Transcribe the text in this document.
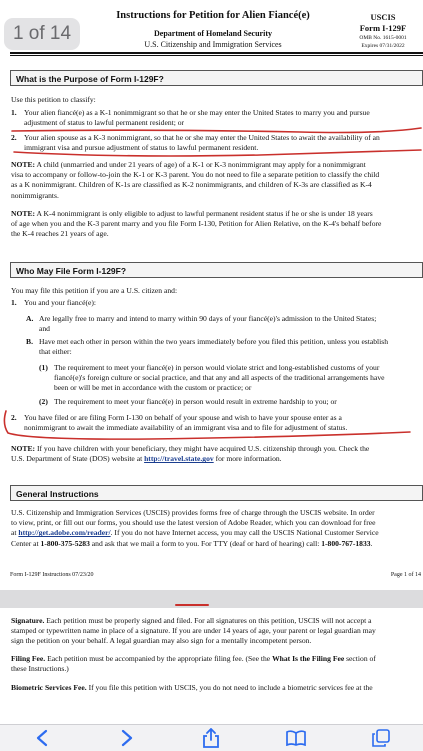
Instructions for Petition for Alien Fiancé(e)
Department of Homeland Security
U.S. Citizenship and Immigration Services
USCIS
Form I-129F
OMB No. 1615-0001
Expires 07/31/2022
What is the Purpose of Form I-129F?
Use this petition to classify:
1. Your alien fiancé(e) as a K-1 nonimmigrant so that he or she may enter the United States to marry you and pursue
adjustment of status to lawful permanent resident; or
2. Your alien spouse as a K-3 nonimmigrant, so that he or she may enter the United States to await the availability of an
immigrant visa and pursue adjustment of status to lawful permanent resident.
NOTE: A child (unmarried and under 21 years of age) of a K-1 or K-3 nonimmigrant may apply for a nonimmigrant
visa to accompany or follow-to-join the K-1 or K-3 parent. You do not need to file a separate petition to classify the child
as a K nonimmigrant. Children of K-1s are classified as K-2 nonimmigrants, and children of K-3s are classified as K-4
nonimmigrants.
NOTE: A K-4 nonimmigrant is only eligible to adjust to lawful permanent resident status if he or she is under 18 years
of age when you and the K-3 parent marry and you file Form I-130, Petition for Alien Relative, on the K-4's behalf before
the K-4 reaches 21 years of age.
Who May File Form I-129F?
You may file this petition if you are a U.S. citizen and:
1. You and your fiancé(e):
A. Are legally free to marry and intend to marry within 90 days of your fiancé(e)'s admission to the United States;
and
B. Have met each other in person within the two years immediately before you filed this petition, unless you establish
that either:
(1) The requirement to meet your fiancé(e) in person would violate strict and long-established customs of your
fiancé(e)'s foreign culture or social practice, and that any and all aspects of the traditional arrangements have
been or will be met in accordance with the custom or practice; or
(2) The requirement to meet your fiancé(e) in person would result in extreme hardship to you; or
2. You have filed or are filing Form I-130 on behalf of your spouse and wish to have your spouse enter as a
nonimmigrant to await the immediate availability of an immigrant visa and to file for adjustment of status.
NOTE: If you have children with your beneficiary, they might have acquired U.S. citizenship through you. Check the
U.S. Department of State (DOS) website at http://travel.state.gov for more information.
General Instructions
U.S. Citizenship and Immigration Services (USCIS) provides forms free of charge through the USCIS website. In order
to view, print, or fill out our forms, you should use the latest version of Adobe Reader, which you can download for free
at http://get.adobe.com/reader/. If you do not have Internet access, you may call the USCIS National Customer Service
Center at 1-800-375-5283 and ask that we mail a form to you. For TTY (deaf or hard of hearing) call: 1-800-767-1833.
Form I-129F Instructions 07/23/20	Page 1 of 14
Signature. Each petition must be properly signed and filed. For all signatures on this petition, USCIS will not accept a
stamped or typewritten name in place of a signature. If you are under 14 years of age, your parent or legal guardian may
sign the petition on your behalf. A legal guardian may also sign for a mentally incompetent person.
Filing Fee. Each petition must be accompanied by the appropriate filing fee. (See the What Is the Filing Fee section of
these Instructions.)
Biometric Services Fee. If you file this petition with USCIS, you do not need to include a biometric services fee at the
1 of 14
